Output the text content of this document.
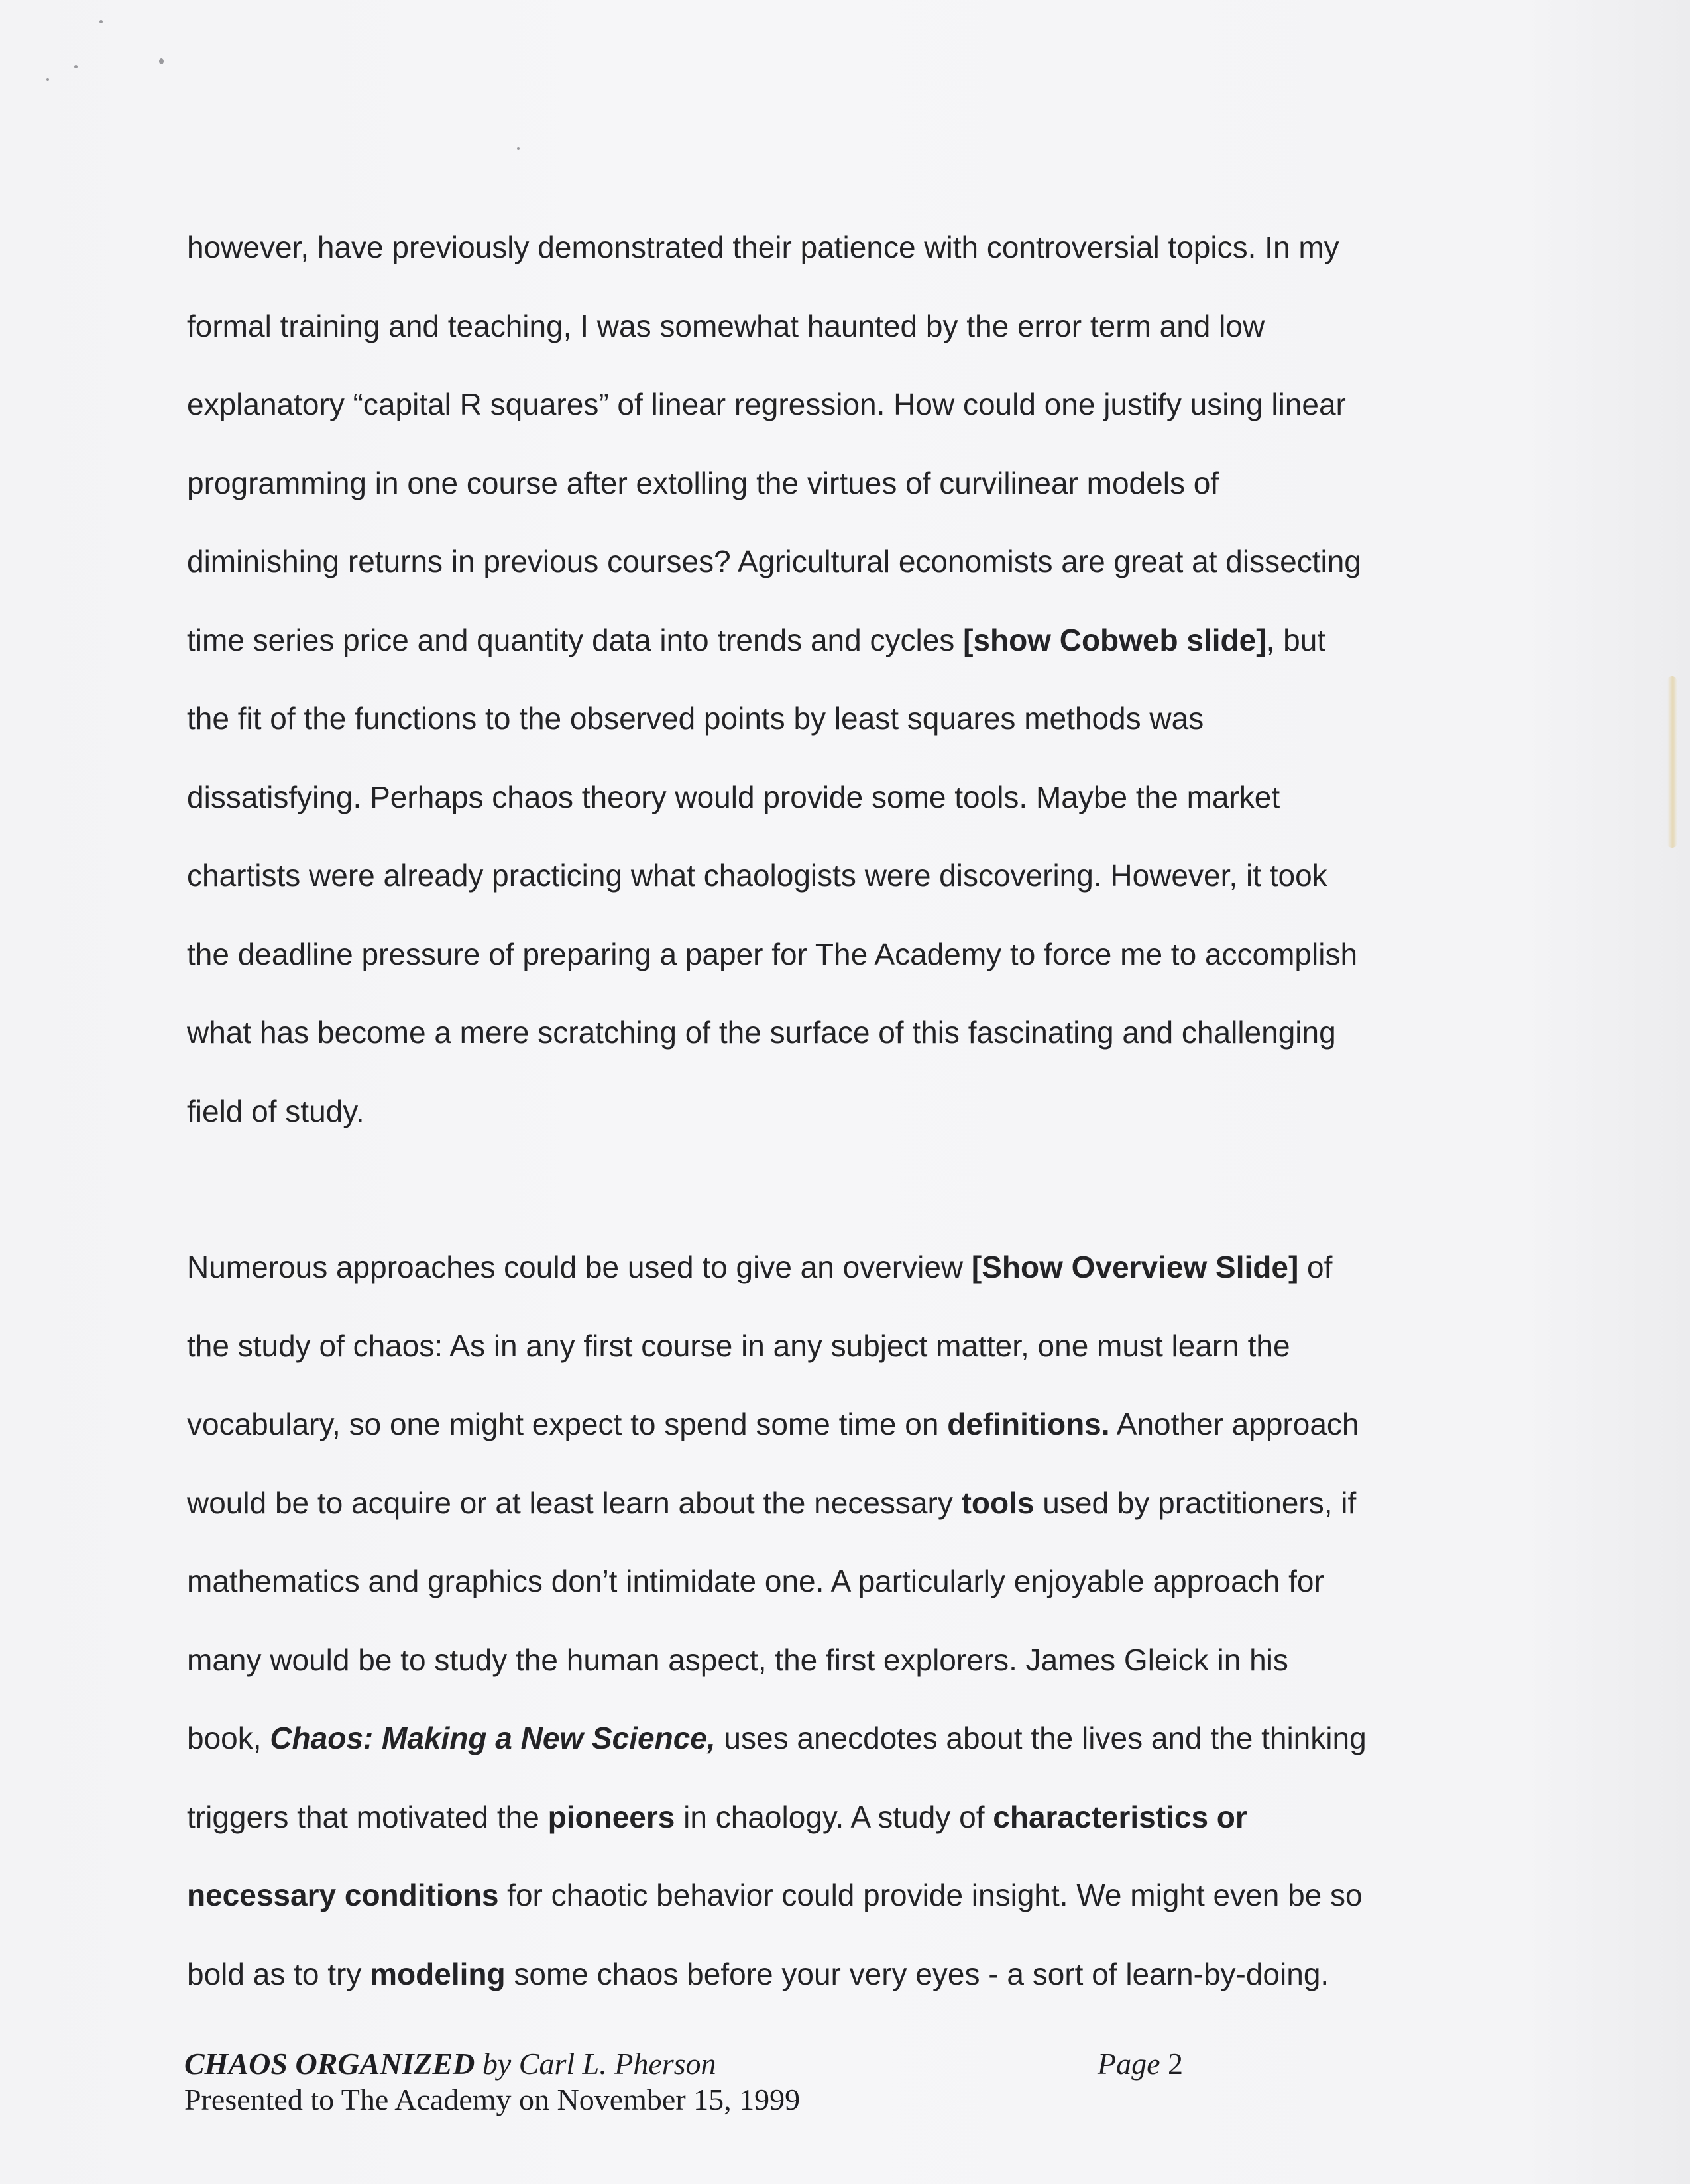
however, have previously demonstrated their patience with controversial topics. In my
formal training and teaching, I was somewhat haunted by the error term and low
explanatory “capital R squares” of linear regression. How could one justify using linear
programming in one course after extolling the virtues of curvilinear models of
diminishing returns in previous courses? Agricultural economists are great at dissecting
time series price and quantity data into trends and cycles [show Cobweb slide], but
the fit of the functions to the observed points by least squares methods was
dissatisfying. Perhaps chaos theory would provide some tools. Maybe the market
chartists were already practicing what chaologists were discovering. However, it took
the deadline pressure of preparing a paper for The Academy to force me to accomplish
what has become a mere scratching of the surface of this fascinating and challenging
field of study.
Numerous approaches could be used to give an overview [Show Overview Slide] of
the study of chaos: As in any first course in any subject matter, one must learn the
vocabulary, so one might expect to spend some time on definitions. Another approach
would be to acquire or at least learn about the necessary tools used by practitioners, if
mathematics and graphics don’t intimidate one. A particularly enjoyable approach for
many would be to study the human aspect, the first explorers. James Gleick in his
book, Chaos: Making a New Science, uses anecdotes about the lives and the thinking
triggers that motivated the pioneers in chaology. A study of characteristics or
necessary conditions for chaotic behavior could provide insight. We might even be so
bold as to try modeling some chaos before your very eyes - a sort of learn-by-doing.
CHAOS ORGANIZED by Carl L. Pherson	Page 2
Presented to The Academy on November 15, 1999
